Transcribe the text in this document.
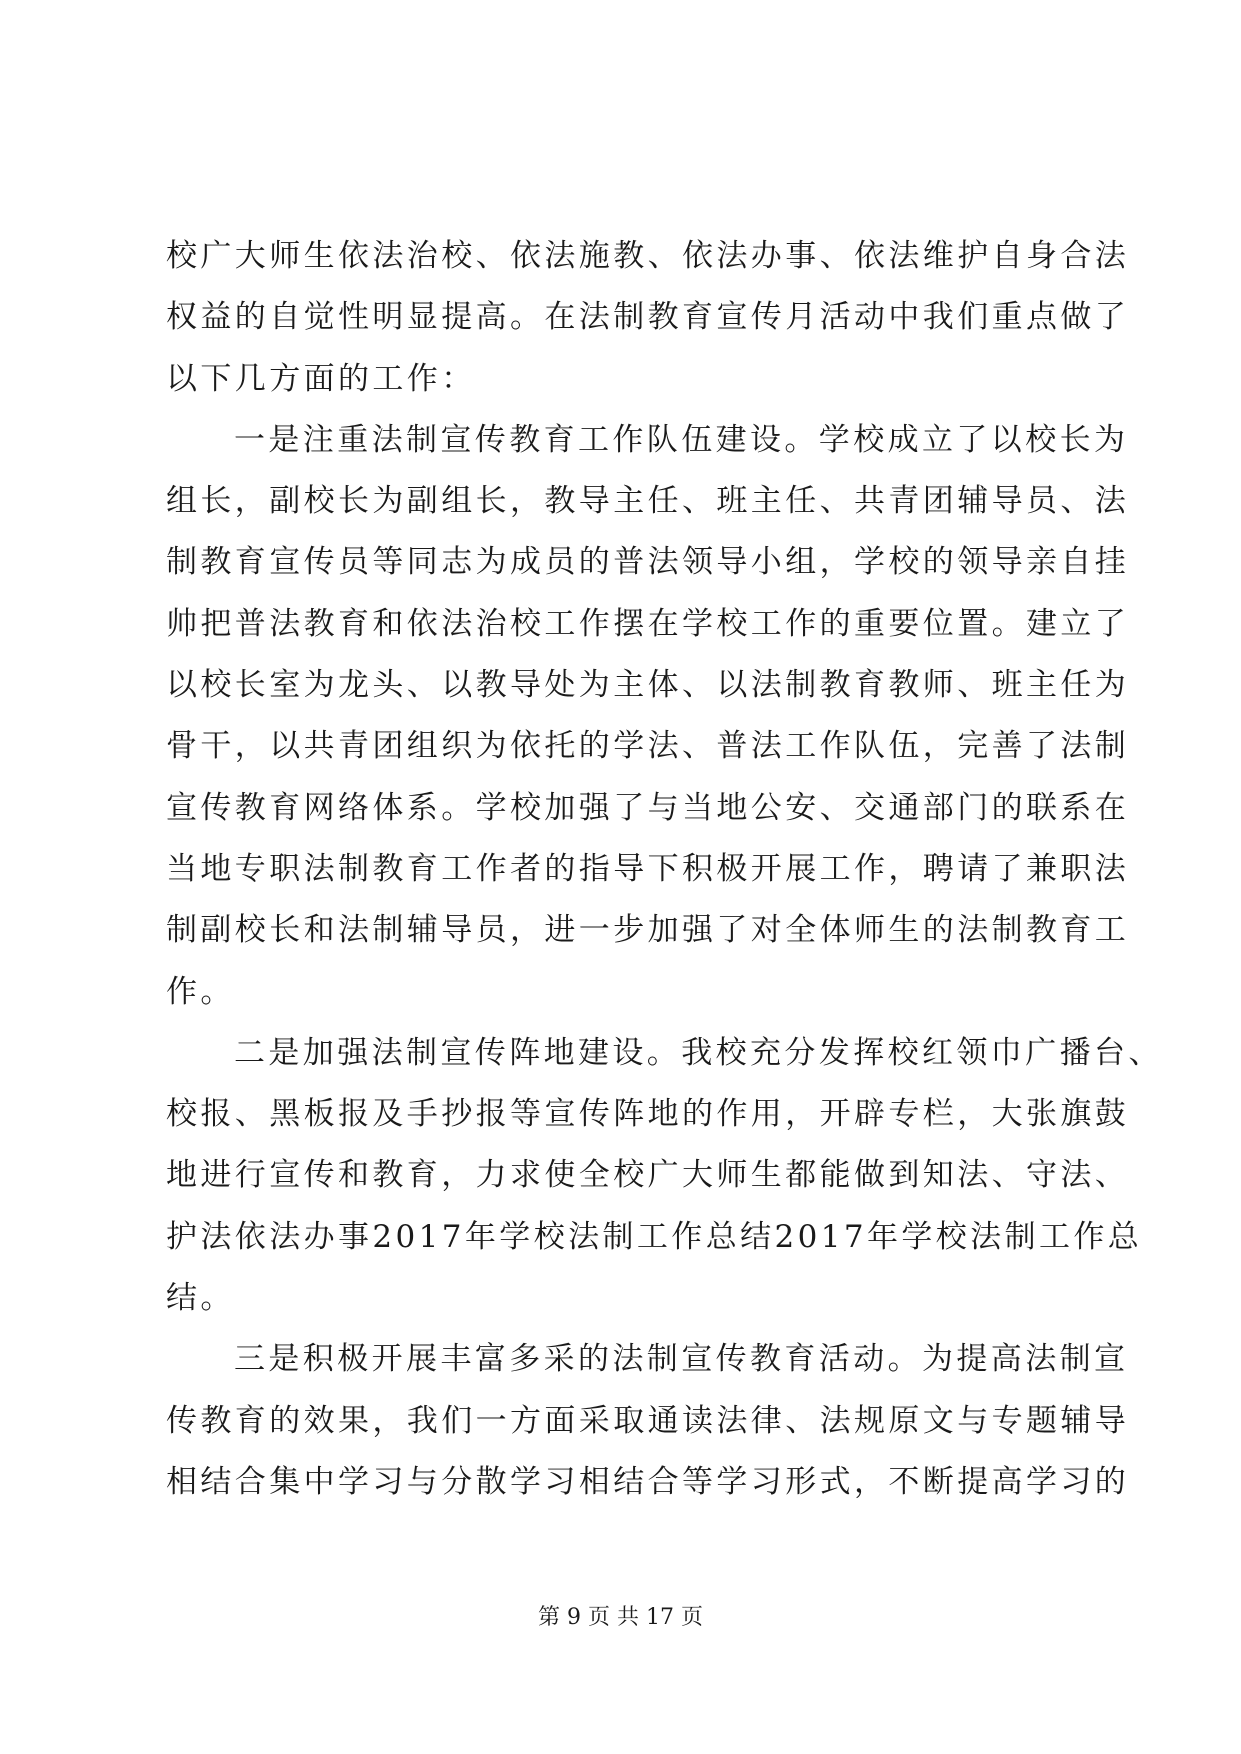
校广大师生依法治校、依法施教、依法办事、依法维护自身合法
权益的自觉性明显提高。在法制教育宣传月活动中我们重点做了
以下几方面的工作：
一是注重法制宣传教育工作队伍建设。学校成立了以校长为
组长，副校长为副组长，教导主任、班主任、共青团辅导员、法
制教育宣传员等同志为成员的普法领导小组，学校的领导亲自挂
帅把普法教育和依法治校工作摆在学校工作的重要位置。建立了
以校长室为龙头、以教导处为主体、以法制教育教师、班主任为
骨干，以共青团组织为依托的学法、普法工作队伍，完善了法制
宣传教育网络体系。学校加强了与当地公安、交通部门的联系在
当地专职法制教育工作者的指导下积极开展工作，聘请了兼职法
制副校长和法制辅导员，进一步加强了对全体师生的法制教育工
作。
二是加强法制宣传阵地建设。我校充分发挥校红领巾广播台、
校报、黑板报及手抄报等宣传阵地的作用，开辟专栏，大张旗鼓
地进行宣传和教育，力求使全校广大师生都能做到知法、守法、
护法依法办事2017年学校法制工作总结2017年学校法制工作总
结。
三是积极开展丰富多采的法制宣传教育活动。为提高法制宣
传教育的效果，我们一方面采取通读法律、法规原文与专题辅导
相结合集中学习与分散学习相结合等学习形式，不断提高学习的
第 9 页 共 17 页
